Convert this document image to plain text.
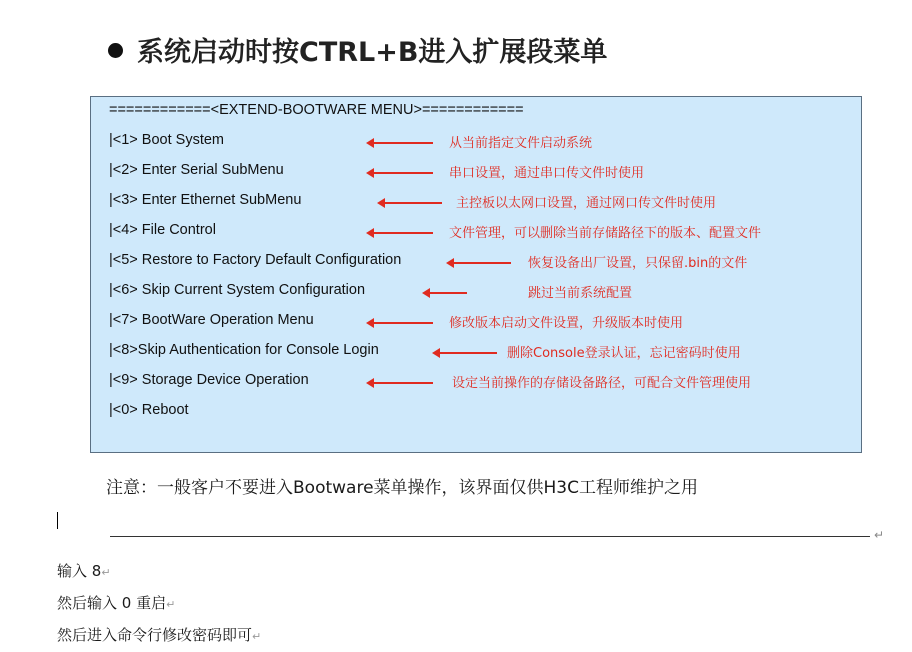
系统启动时按CTRL+B进入扩展段菜单
============<EXTEND-BOOTWARE MENU>============
|<1> Boot System	从当前指定文件启动系统
|<2> Enter Serial SubMenu	串口设置，通过串口传文件时使用
|<3> Enter Ethernet SubMenu	主控板以太网口设置，通过网口传文件时使用
|<4> File Control	文件管理，可以删除当前存储路径下的版本、配置文件
|<5> Restore to Factory Default Configuration	恢复设备出厂设置，只保留.bin的文件
|<6> Skip Current System Configuration	跳过当前系统配置
|<7> BootWare Operation Menu	修改版本启动文件设置，升级版本时使用
|<8>Skip Authentication for Console Login	删除Console登录认证，忘记密码时使用
|<9> Storage Device Operation	设定当前操作的存储设备路径，可配合文件管理使用
|<0> Reboot
注意：一般客户不要进入Bootware菜单操作，该界面仅供H3C工程师维护之用
↵
输入 8↵
然后输入 0 重启↵
然后进入命令行修改密码即可↵
